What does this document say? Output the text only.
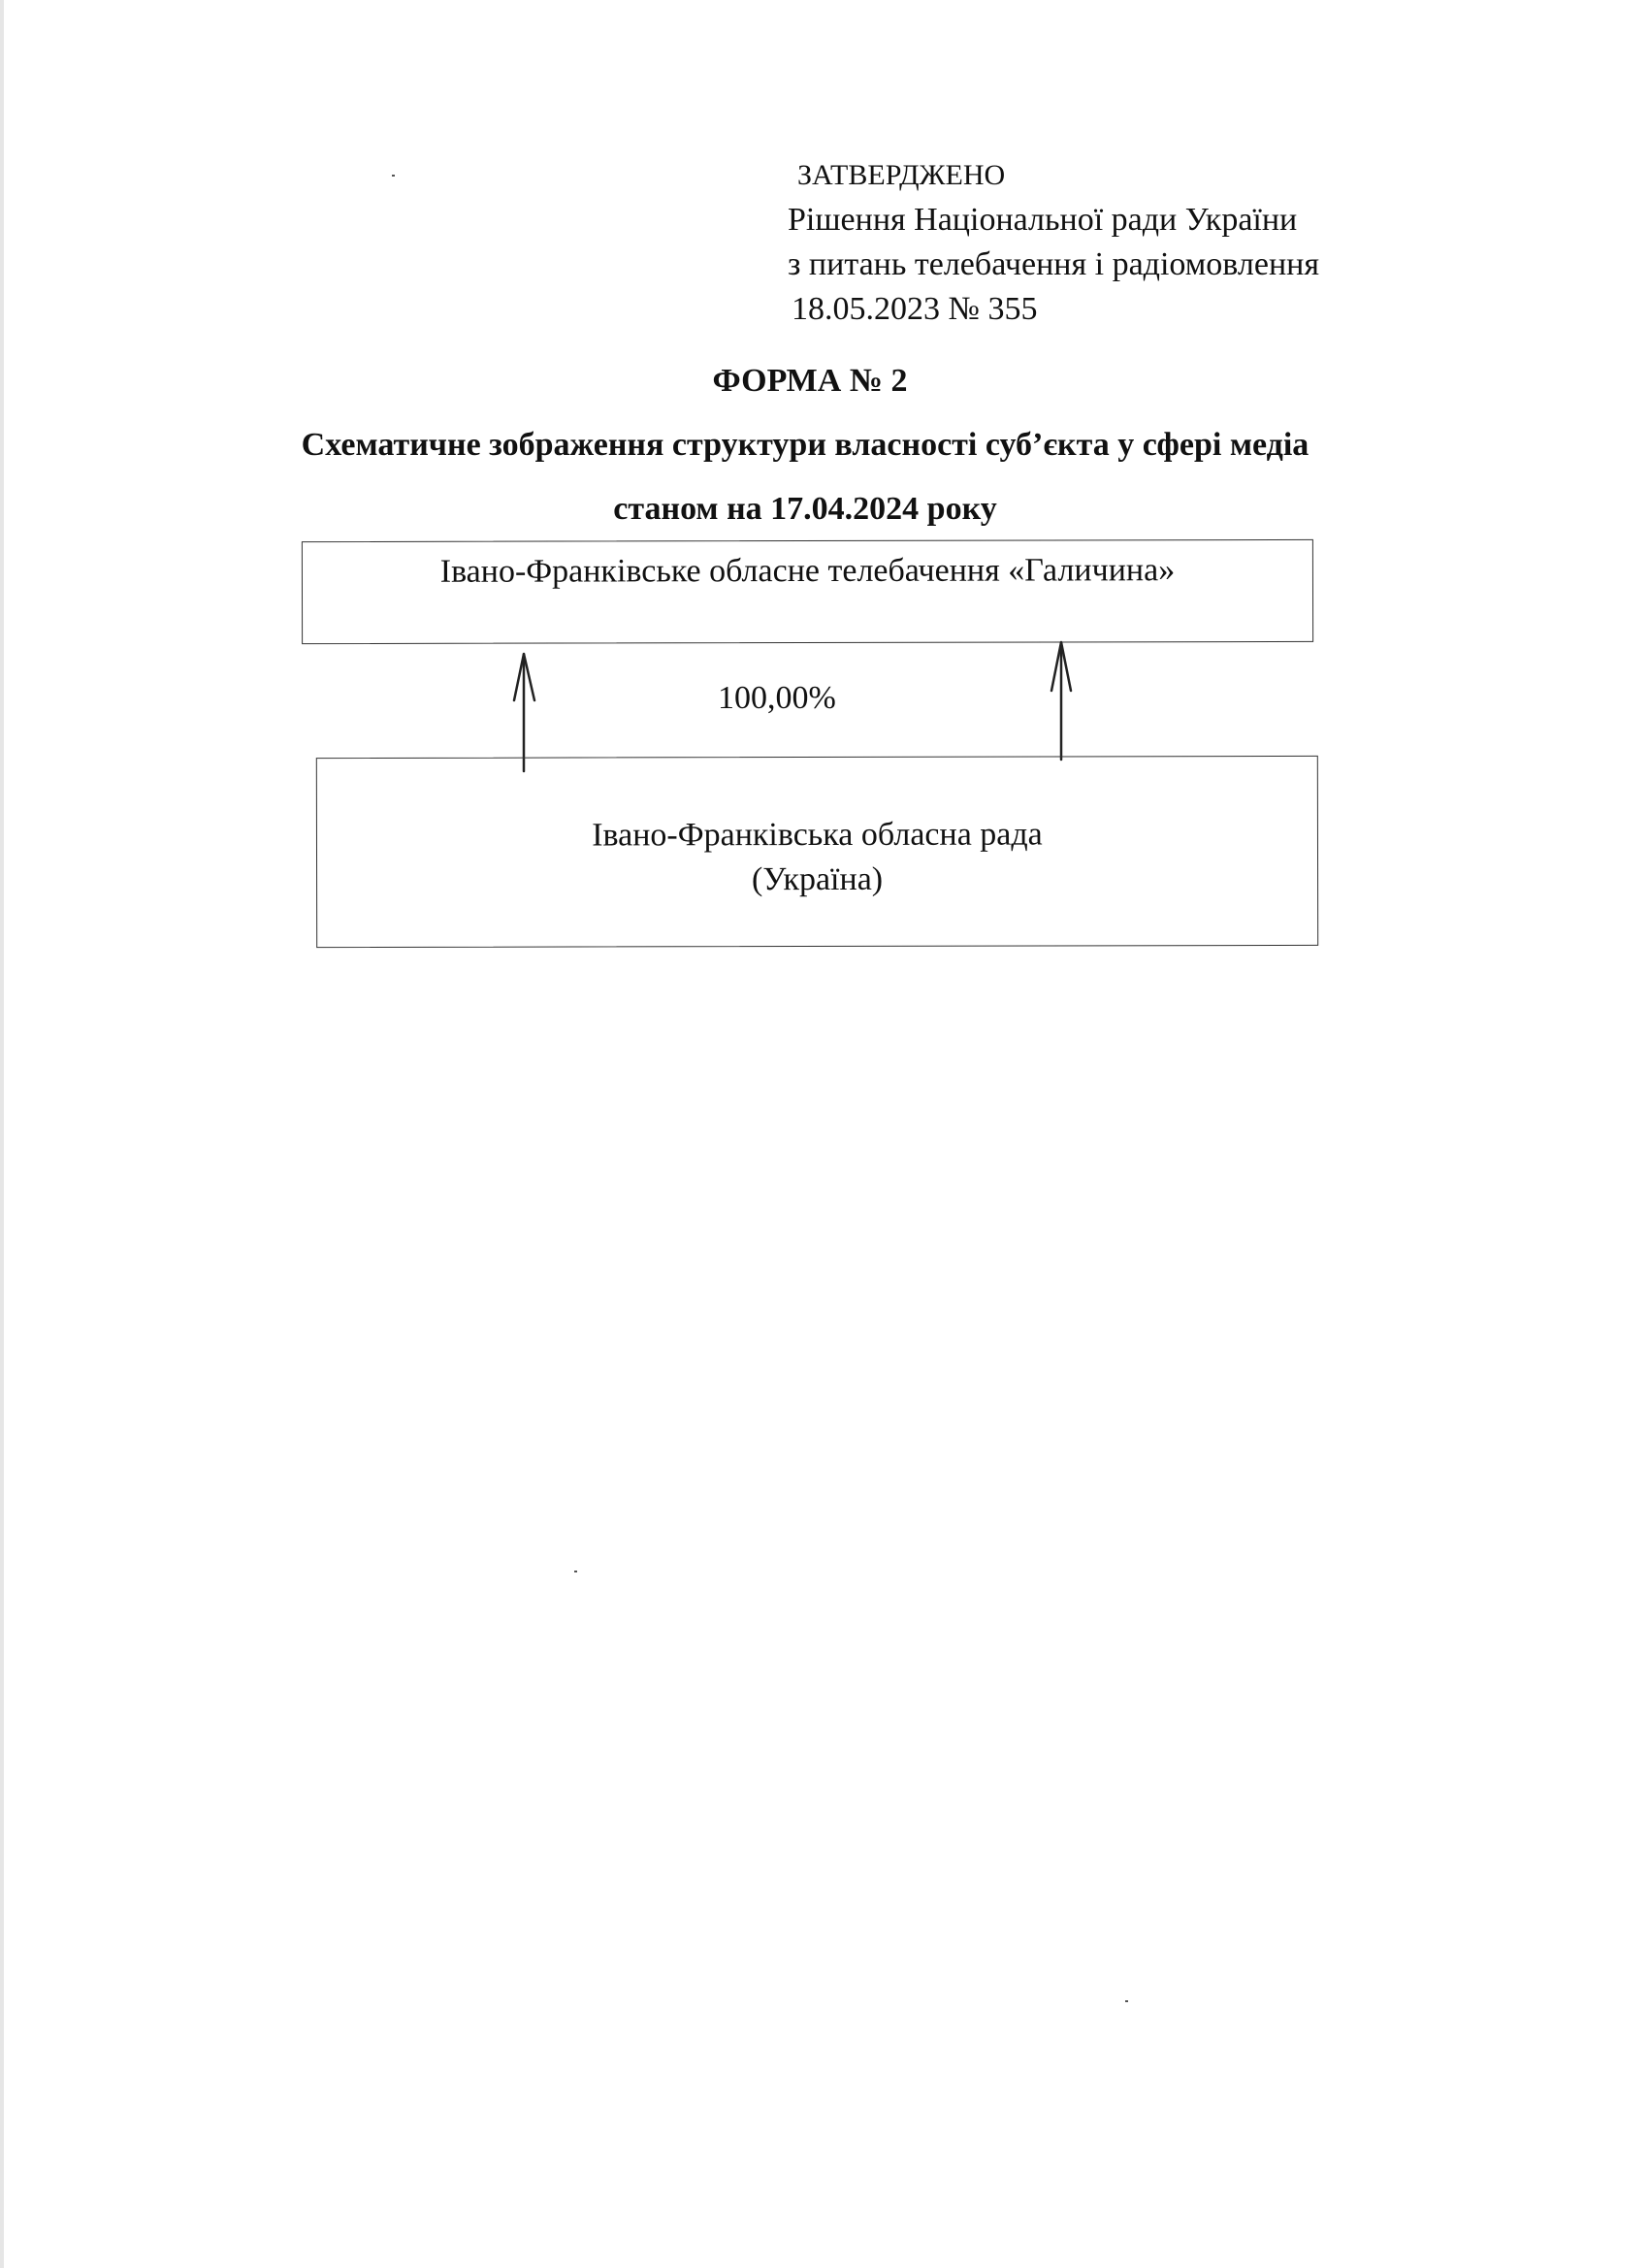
ЗАТВЕРДЖЕНО
Рішення Національної ради України
з питань телебачення і радіомовлення
18.05.2023 № 355
ФОРМА № 2
Схематичне зображення структури власності суб’єкта у сфері медіа
станом на 17.04.2024 року
Івано-Франківське обласне телебачення «Галичина»
100,00%
Івано-Франківська обласна рада
(Україна)
